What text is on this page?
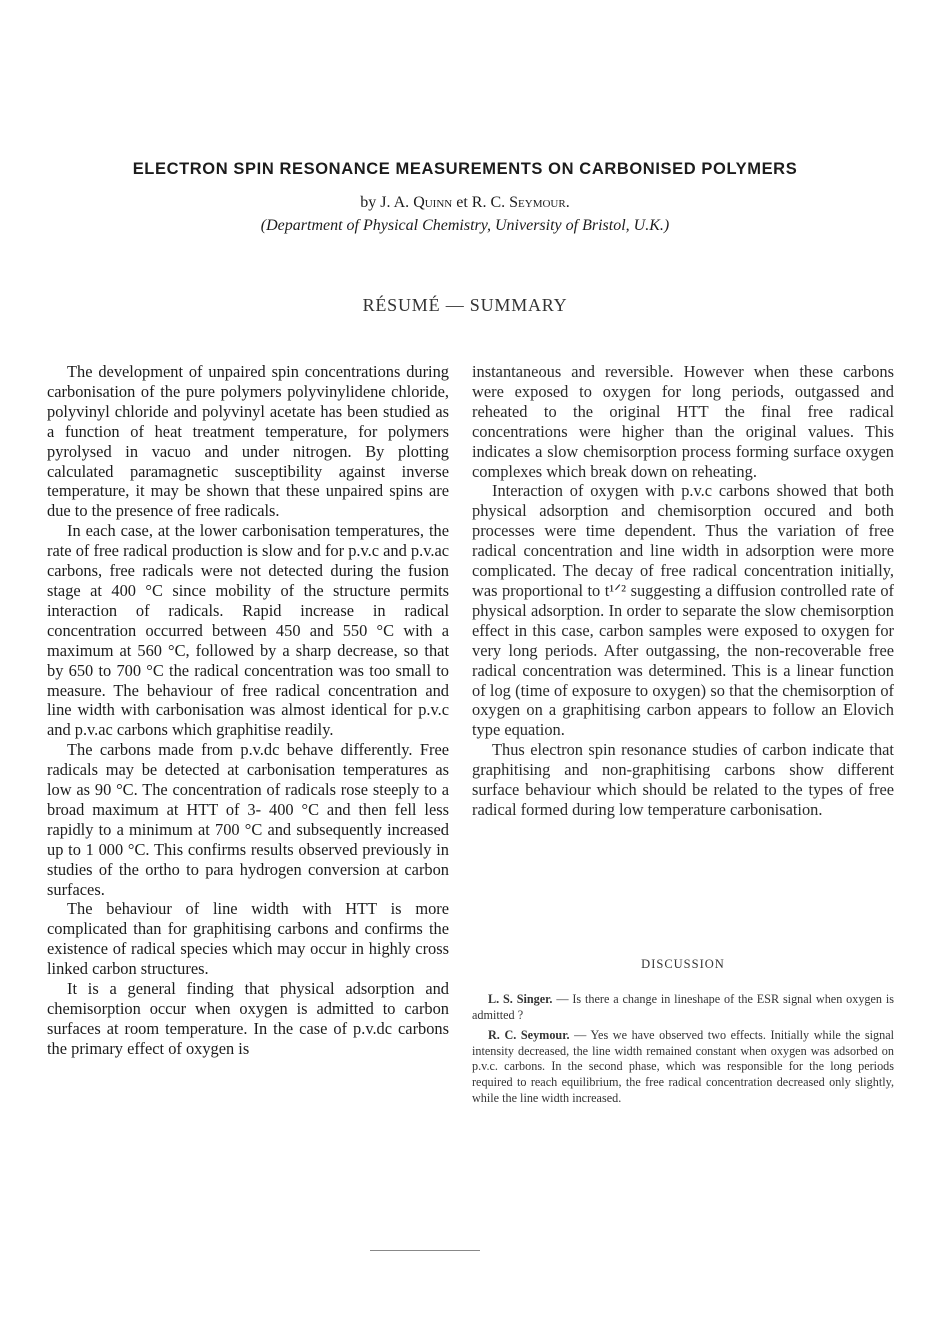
ELECTRON SPIN RESONANCE MEASUREMENTS ON CARBONISED POLYMERS
by J. A. Quinn et R. C. Seymour.
(Department of Physical Chemistry, University of Bristol, U.K.)
RÉSUMÉ — SUMMARY

The development of unpaired spin concentrations during carbonisation of the pure polymers polyvinylidene chloride, polyvinyl chloride and polyvinyl acetate has been studied as a function of heat treatment temperature, for polymers pyrolysed in vacuo and under nitrogen. By plotting calculated paramagnetic susceptibility against inverse temperature, it may be shown that these unpaired spins are due to the presence of free radicals.

In each case, at the lower carbonisation temperatures, the rate of free radical production is slow and for p.v.c and p.v.ac carbons, free radicals were not detected during the fusion stage at 400 °C since mobility of the structure permits interaction of radicals. Rapid increase in radical concentration occurred between 450 and 550 °C with a maximum at 560 °C, followed by a sharp decrease, so that by 650 to 700 °C the radical concentration was too small to measure. The behaviour of free radical concentration and line width with carbonisation was almost identical for p.v.c and p.v.ac carbons which graphitise readily.

The carbons made from p.v.dc behave differently. Free radicals may be detected at carbonisation temperatures as low as 90 °C. The concentration of radicals rose steeply to a broad maximum at HTT of 3- 400 °C and then fell less rapidly to a minimum at 700 °C and subsequently increased up to 1 000 °C. This confirms results observed previously in studies of the ortho to para hydrogen conversion at carbon surfaces.

The behaviour of line width with HTT is more complicated than for graphitising carbons and confirms the existence of radical species which may occur in highly cross linked carbon structures.

It is a general finding that physical adsorption and chemisorption occur when oxygen is admitted to carbon surfaces at room temperature. In the case of p.v.dc carbons the primary effect of oxygen is

instantaneous and reversible. However when these carbons were exposed to oxygen for long periods, outgassed and reheated to the original HTT the final free radical concentrations were higher than the original values. This indicates a slow chemisorption process forming surface oxygen complexes which break down on reheating.

Interaction of oxygen with p.v.c carbons showed that both physical adsorption and chemisorption occured and both processes were time dependent. Thus the variation of free radical concentration and line width in adsorption were more complicated. The decay of free radical concentration initially, was proportional to t¹ᐟ² suggesting a diffusion controlled rate of physical adsorption. In order to separate the slow chemisorption effect in this case, carbon samples were exposed to oxygen for very long periods. After outgassing, the non-recoverable free radical concentration was determined. This is a linear function of log (time of exposure to oxygen) so that the chemisorption of oxygen on a graphitising carbon appears to follow an Elovich type equation.

Thus electron spin resonance studies of carbon indicate that graphitising and non-graphitising carbons show different surface behaviour which should be related to the types of free radical formed during low temperature carbonisation.

DISCUSSION

L. S. Singer. — Is there a change in lineshape of the ESR signal when oxygen is admitted ?

R. C. Seymour. — Yes we have observed two effects. Initially while the signal intensity decreased, the line width remained constant when oxygen was adsorbed on p.v.c. carbons. In the second phase, which was responsible for the long periods required to reach equilibrium, the free radical concentration decreased only slightly, while the line width increased.
